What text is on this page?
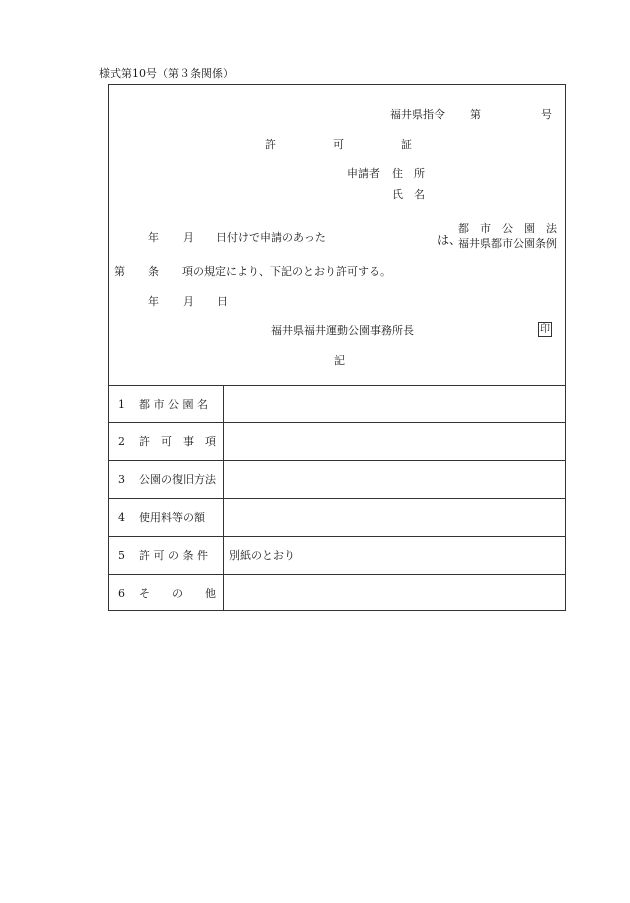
様式第10号（第３条関係）
福井県指令 第	号
許	可	証
申請者 住 所
氏 名
年 月 日付けで申請のあった	は、
都　市　公　園　法
福井県都市公園条例
第 条 項の規定により、下記のとおり許可する。
年 月 日
福井県福井運動公園事務所長	印
記
1 都 市 公 園 名
2 許　可　事　項
3 公園の復旧方法
4 使用料等の額
5 許 可 の 条 件 別紙のとおり
6 そ　　の　　他
